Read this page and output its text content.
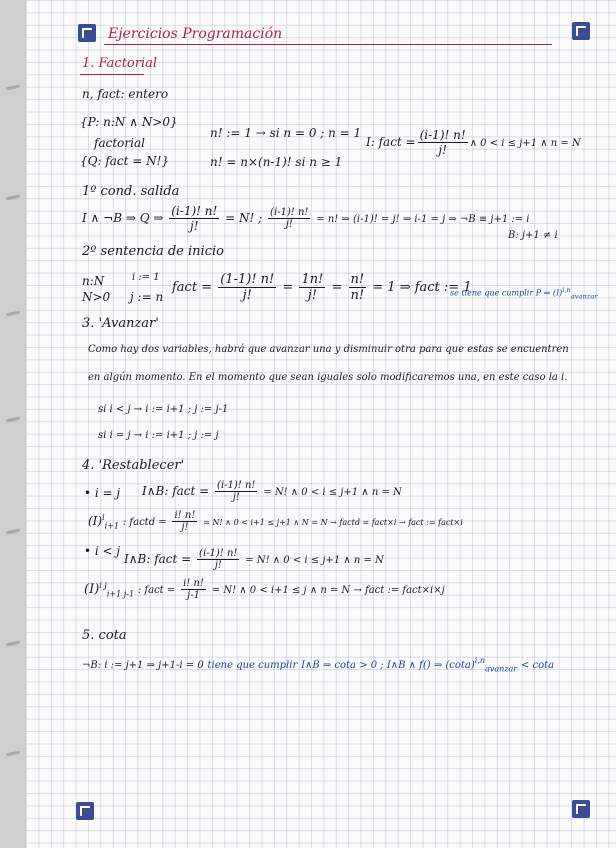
Ejercicios Programación
1. Factorial
n, fact: entero
{P: n:N ∧ N>0}
factorial
{Q: fact = N!}
n! := 1 → si n = 0 ; n = 1
n! = n×(n-1)! si n ≥ 1
I: fact = $\frac{(i-1)! n!}{j!}$ ∧ 0 < i ≤ j+1 ∧ n = N
1º cond. salida
I ∧ ¬B ⇒ Q ⇒ $\frac{(i-1)! n!}{j!} = N$! ; $\frac{(i-1)! n!}{j!} = n$! ⇒ (i-1)! = j! ⇒ i-1 = j ⇒ ¬B ≡ j+1 := i
B: j+1 ≠ i
2º sentencia de inicio
n:N
N>0
i := 1
j := n
fact = $\frac{(1-1)! n!}{j!} = \frac{1n!}{j!} = \frac{n!}{n!} = 1$ ⇒ fact := 1
se tiene que cumplir P ⇒ $(I)^{i,n}_{avanzar}$
3. 'Avanzar'
Como hay dos variables, habrá que avanzar una y disminuir otra para que estas se encuentren
en algún momento. En el momento que sean iguales solo modificaremos una, en este caso la i.
si i < j → i := i+1 ; j := j-1
si i = j → i := i+1 ; j := j
4. 'Restablecer'
• i = j I∧B: fact = $\frac{(i-1)! n!}{j!} = N$! ∧ 0 < i ≤ j+1 ∧ n = N
$(I)^i_{i+1}$ : factd = $\frac{i! n!}{j!} = N$! ∧ 0 < i+1 ≤ j+1 ∧ N = N → factd = fact×i → fact := fact×i
• i < j
I∧B: fact = $\frac{(i-1)! n!}{j!} = N$! ∧ 0 < i ≤ j+1 ∧ n = N
$(I)^{i j}_{i+1 j-1}$ : fact = $\frac{i! n!}{j-1} = N$! ∧ 0 < i+1 ≤ j ∧ n = N → fact := fact×i×j
5. cota
¬B: i := j+1 ⇒ j+1-i = 0 tiene que cumplir I∧B ⇒ cota > 0 ; I∧B ∧ f() ⇒ $(\cot a)^{i,n}_{avanzar} < \cot a$
